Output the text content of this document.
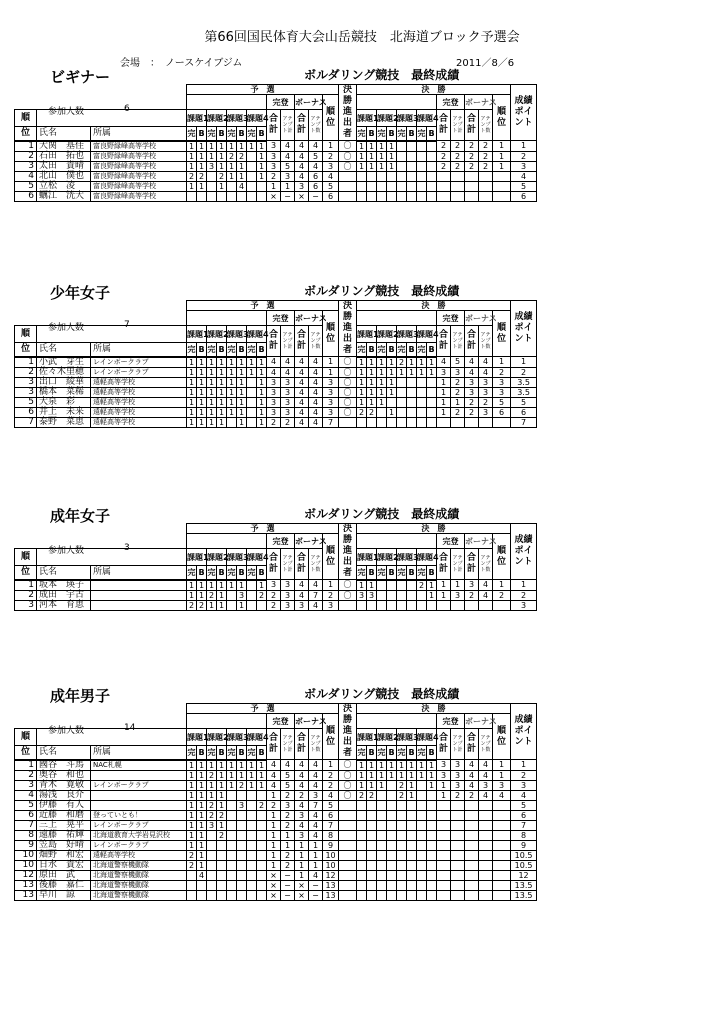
第66回国民体育大会山岳競技　北海道ブロック予選会
会場　：　ノースケイブジム	2011／8／6
ビギナー	ボルダリング競技　最終成績
参加人数	6
			予　選													決勝進出者	決　勝													成績ポイント
											完登		ボーナス		順位										完登		ボーナス		順位	
順			課題1		課題2		課題3		課題4		合計	アテンプト計	合計	アテンプト数			課題1		課題2		課題3		課題4		合計	アテンプト計	合計	アテンプト数		
位	氏名	所属	完	B	完	B	完	B	完	B							完	B	完	B	完	B	完	B						
1	大関　基佳	富良野緑峰高等学校	1	1	1	1	1	1	1	1	3	4	4	4	1	〇	1	1	1	1					2	2	2	2	1	1
2	石田　拓也	富良野緑峰高等学校	1	1	1	1	2	2		1	3	4	4	5	2	〇	1	1	1	1					2	2	2	2	1	2
3	太田　貴晴	富良野緑峰高等学校	1	1	3	1	1	1		1	3	5	4	4	3	〇	1	1	1	1					2	2	2	2	1	3
4	北山　僕也	富良野緑峰高等学校	2	2		2	1	1		1	2	3	4	6	4															4
5	立松　凌	富良野緑峰高等学校	1	1		1		4			1	1	3	6	5															5
6	蠣江　洸大	富良野緑峰高等学校									×	−	×	−	6															6
少年女子	ボルダリング競技　最終成績
参加人数	7
			予　選													決勝進出者	決　勝													成績ポイント
											完登		ボーナス		順位										完登		ボーナス		順位	
順			課題1		課題2		課題3		課題4		合計	アテンプト計	合計	アテンプト数			課題1		課題2		課題3		課題4		合計	アテンプト計	合計	アテンプト数		
位	氏名	所属	完	B	完	B	完	B	完	B							完	B	完	B	完	B	完	B						
1	小武　芽生	レインボークラブ	1	1	1	1	1	1	1	1	4	4	4	4	1	〇	1	1	1	1	2	1	1	1	4	5	4	4	1	1
2	佐々木里穂	レインボークラブ	1	1	1	1	1	1	1	1	4	4	4	4	1	〇	1	1	1	1	1	1	1	1	3	3	4	4	2	2
3	出口　綾華	遠軽高等学校	1	1	1	1	1	1		1	3	3	4	4	3	〇	1	1	1	1					1	2	3	3	3	3.5
3	橋本　菜稀	遠軽高等学校	1	1	1	1	1	1		1	3	3	4	4	3	〇	1	1	1	1					1	2	3	3	3	3.5
5	大泉　彩	遠軽高等学校	1	1	1	1	1	1		1	3	3	4	4	3	〇	1	1	1						1	1	2	2	5	5
6	井上　未来	遠軽高等学校	1	1	1	1	1	1		1	3	3	4	4	3	〇	2	2		1					1	2	2	3	6	6
7	泰野　菜恵	遠軽高等学校	1	1	1	1		1		1	2	2	4	4	7															7
成年女子	ボルダリング競技　最終成績
参加人数	3
			予　選													決勝進出者	決　勝													成績ポイント
											完登		ボーナス		順位										完登		ボーナス		順位	
順			課題1		課題2		課題3		課題4		合計	アテンプト計	合計	アテンプト数			課題1		課題2		課題3		課題4		合計	アテンプト計	合計	アテンプト数		
位	氏名	所属	完	B	完	B	完	B	完	B							完	B	完	B	完	B	完	B						
1	坂本　瑛子		1	1	1	1	1	1		1	3	3	4	4	1	〇	1	1					2	1	1	1	3	4	1	1
2	成田　宇古		1	1	2	1		3		2	2	3	4	7	2	〇	3	3						1	1	3	2	4	2	2
3	河本　育恵		2	2	1	1		1			2	3	3	4	3															3
成年男子	ボルダリング競技　最終成績
参加人数	14
			予　選													決勝進出者	決　勝													成績ポイント
											完登		ボーナス		順位										完登		ボーナス		順位	
順			課題1		課題2		課題3		課題4		合計	アテンプト計	合計	アテンプト数			課題1		課題2		課題3		課題4		合計	アテンプト計	合計	アテンプト数		
位	氏名	所属	完	B	完	B	完	B	完	B							完	B	完	B	完	B	完	B						
1	國谷　斗馬	NAC札幌	1	1	1	1	1	1	1	1	4	4	4	4	1	〇	1	1	1	1	1	1	1	1	3	3	4	4	1	1
2	奥谷　和也		1	1	2	1	1	1	1	1	4	5	4	4	2	〇	1	1	1	1	1	1	1	1	3	3	4	4	1	2
3	青木　寛敬	レインボークラブ	1	1	1	1	1	2	1	1	4	5	4	4	2	〇	1	1	1		2	1		1	1	3	4	3	3	3
4	湯浅　良介		1	1	1	1					1	2	2	3	4	〇	2	2			2	1			1	2	2	4	4	4
5	伊藤　有人		1	1	2	1		3		2	2	3	4	7	5															5
6	近藤　和磨	登っていとも！	1	1	2	2					1	2	3	4	6															6
7	三上　晃平	レインボークラブ	1	1	3	1					1	2	4	4	7															7
8	遠藤　祐輝	北海道教育大学岩見沢校	1	1		2					1	1	3	4	8															8
9	笠島　好晴	レインボークラブ	1	1							1	1	1	1	9															9
10	畑野　和宏	遠軽高等学校	2	1							1	2	1	1	10															10.5
10	日水　貴宏	北海道警察機動隊	2	1							1	2	1	1	10															10.5
12	原田　武	北海道警察機動隊		4							×	−	1	4	12															12
13	後藤　嘉仁	北海道警察機動隊									×	−	×	−	13															13.5
13	早川　諒	北海道警察機動隊									×	−	×	−	13															13.5
